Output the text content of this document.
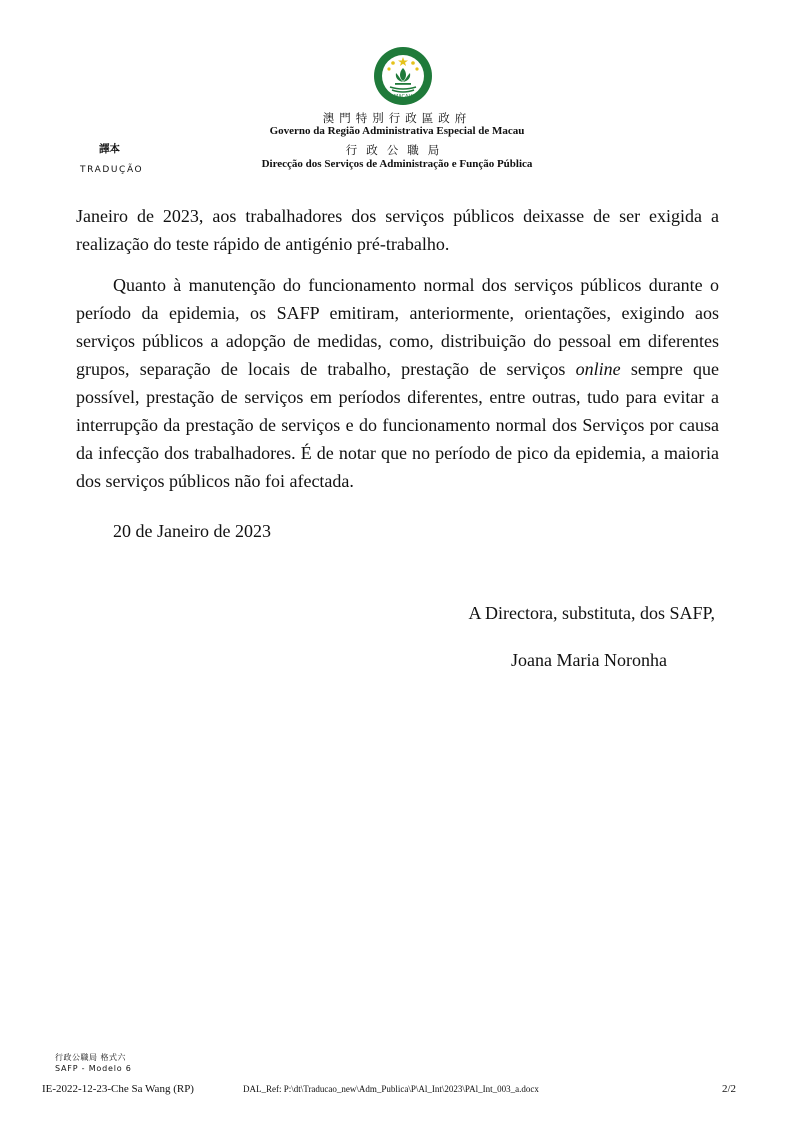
MACAU
澳門特別行政區政府
Governo da Região Administrativa Especial de Macau
行政公職局
Direcção dos Serviços de Administração e Função Pública
譯本
TRADUÇÃO

Janeiro de 2023, aos trabalhadores dos serviços públicos deixasse de ser exigida a realização do teste rápido de antigénio pré-trabalho.

Quanto à manutenção do funcionamento normal dos serviços públicos durante o período da epidemia, os SAFP emitiram, anteriormente, orientações, exigindo aos serviços públicos a adopção de medidas, como, distribuição do pessoal em diferentes grupos, separação de locais de trabalho, prestação de serviços online sempre que possível, prestação de serviços em períodos diferentes, entre outras, tudo para evitar a interrupção da prestação de serviços e do funcionamento normal dos Serviços por causa da infecção dos trabalhadores. É de notar que no período de pico da epidemia, a maioria dos serviços públicos não foi afectada.

20 de Janeiro de 2023
A Directora, substituta, dos SAFP,
Joana Maria Noronha
行政公職局 格式六
SAFP - Modelo 6
IE-2022-12-23-Che Sa Wang (RP)	DAL_Ref: P:\dt\Traducao_new\Adm_Publica\P\Al_Int\2023\PAl_Int_003_a.docx	2/2
